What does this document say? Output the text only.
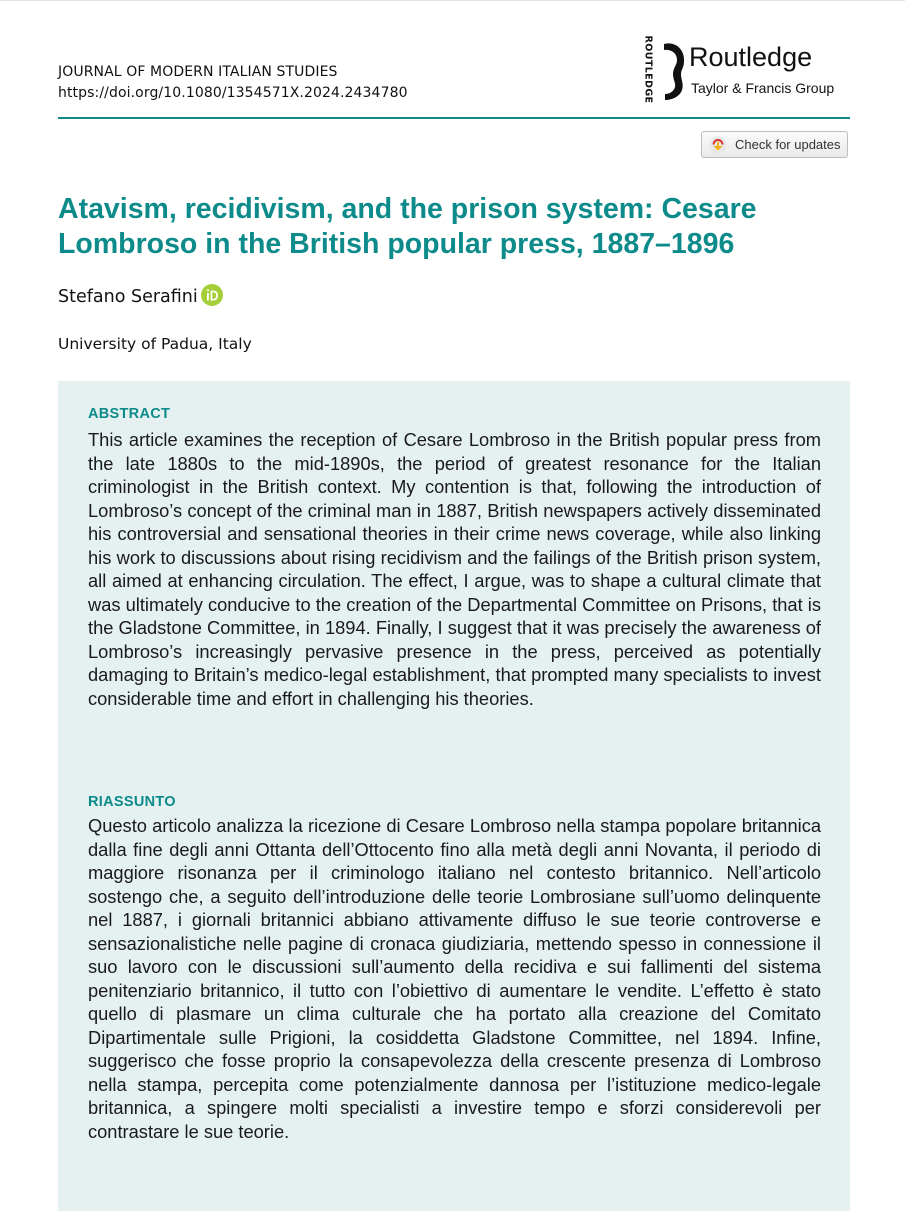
JOURNAL OF MODERN ITALIAN STUDIES
https://doi.org/10.1080/1354571X.2024.2434780	ROUTLEDGE Routledge
Taylor & Francis Group
Check for updates
Atavism, recidivism, and the prison system: Cesare Lombroso in the British popular press, 1887–1896
Stefano Serafini
University of Padua, Italy
ABSTRACT

This article examines the reception of Cesare Lombroso in the British popular press from the late 1880s to the mid-1890s, the period of greatest resonance for the Italian criminologist in the British context. My contention is that, following the introduction of Lombroso’s concept of the criminal man in 1887, British newspapers actively disseminated his controversial and sensational theories in their crime news coverage, while also linking his work to discussions about rising recidivism and the failings of the British prison system, all aimed at enhancing circulation. The effect, I argue, was to shape a cultural climate that was ultimately conducive to the creation of the Departmental Committee on Prisons, that is the Gladstone Committee, in 1894. Finally, I suggest that it was precisely the awareness of Lombroso’s increasingly pervasive presence in the press, perceived as potentially damaging to Britain’s medico-legal establishment, that prompted many specialists to invest considerable time and effort in challenging his theories.

RIASSUNTO

Questo articolo analizza la ricezione di Cesare Lombroso nella stampa popolare britannica dalla fine degli anni Ottanta dell’Ottocento fino alla metà degli anni Novanta, il periodo di maggiore risonanza per il criminologo italiano nel contesto britannico. Nell’articolo sostengo che, a seguito dell’introduzione delle teorie Lombrosiane sull’uomo delinquente nel 1887, i giornali britannici abbiano attivamente diffuso le sue teorie controverse e sensazionalistiche nelle pagine di cronaca giudiziaria, mettendo spesso in connessione il suo lavoro con le discussioni sull’aumento della recidiva e sui fallimenti del sistema penitenziario britannico, il tutto con l’obiettivo di aumentare le vendite. L’effetto è stato quello di plasmare un clima culturale che ha portato alla creazione del Comitato Dipartimentale sulle Prigioni, la cosiddetta Gladstone Committee, nel 1894. Infine, suggerisco che fosse proprio la consapevolezza della crescente presenza di Lombroso nella stampa, percepita come potenzialmente dannosa per l’istituzione medico-legale britannica, a spingere molti specialisti a investire tempo e sforzi considerevoli per contrastare le sue teorie.
